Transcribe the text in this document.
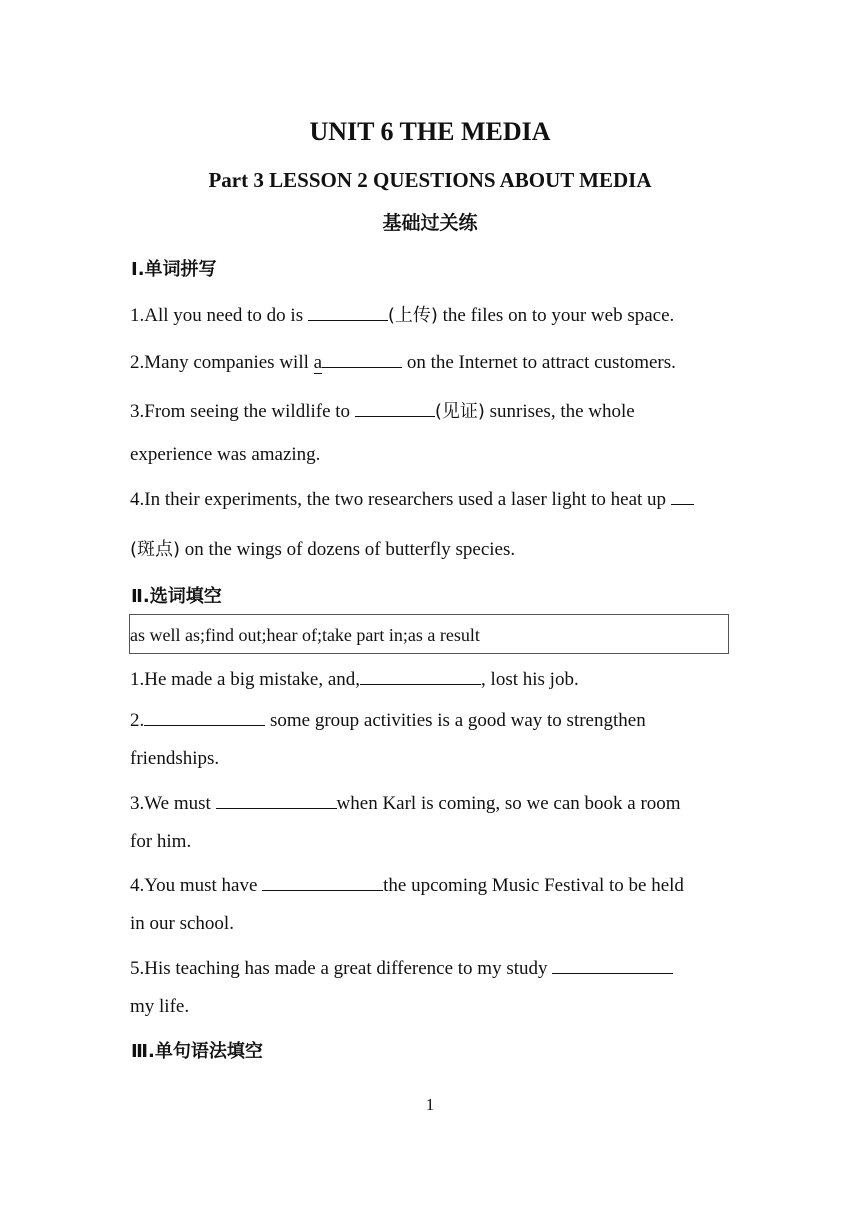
UNIT 6 THE MEDIA
Part 3 LESSON 2 QUESTIONS ABOUT MEDIA
基础过关练
Ⅰ.单词拼写
1.All you need to do is	(上传) the files on to your web space.
2.Many companies will a	on the Internet to attract customers.
3.From seeing the wildlife to	(见证) sunrises, the whole
experience was amazing.
4.In their experiments, the two researchers used a laser light to heat up
(斑点) on the wings of dozens of butterfly species.
Ⅱ.选词填空
as well as;find out;hear of;take part in;as a result
1.He made a big mistake, and,	, lost his job.
2.	some group activities is a good way to strengthen
friendships.
3.We must	when Karl is coming, so we can book a room
for him.
4.You must have	the upcoming Music Festival to be held
in our school.
5.His teaching has made a great difference to my study
my life.
Ⅲ.单句语法填空
1
